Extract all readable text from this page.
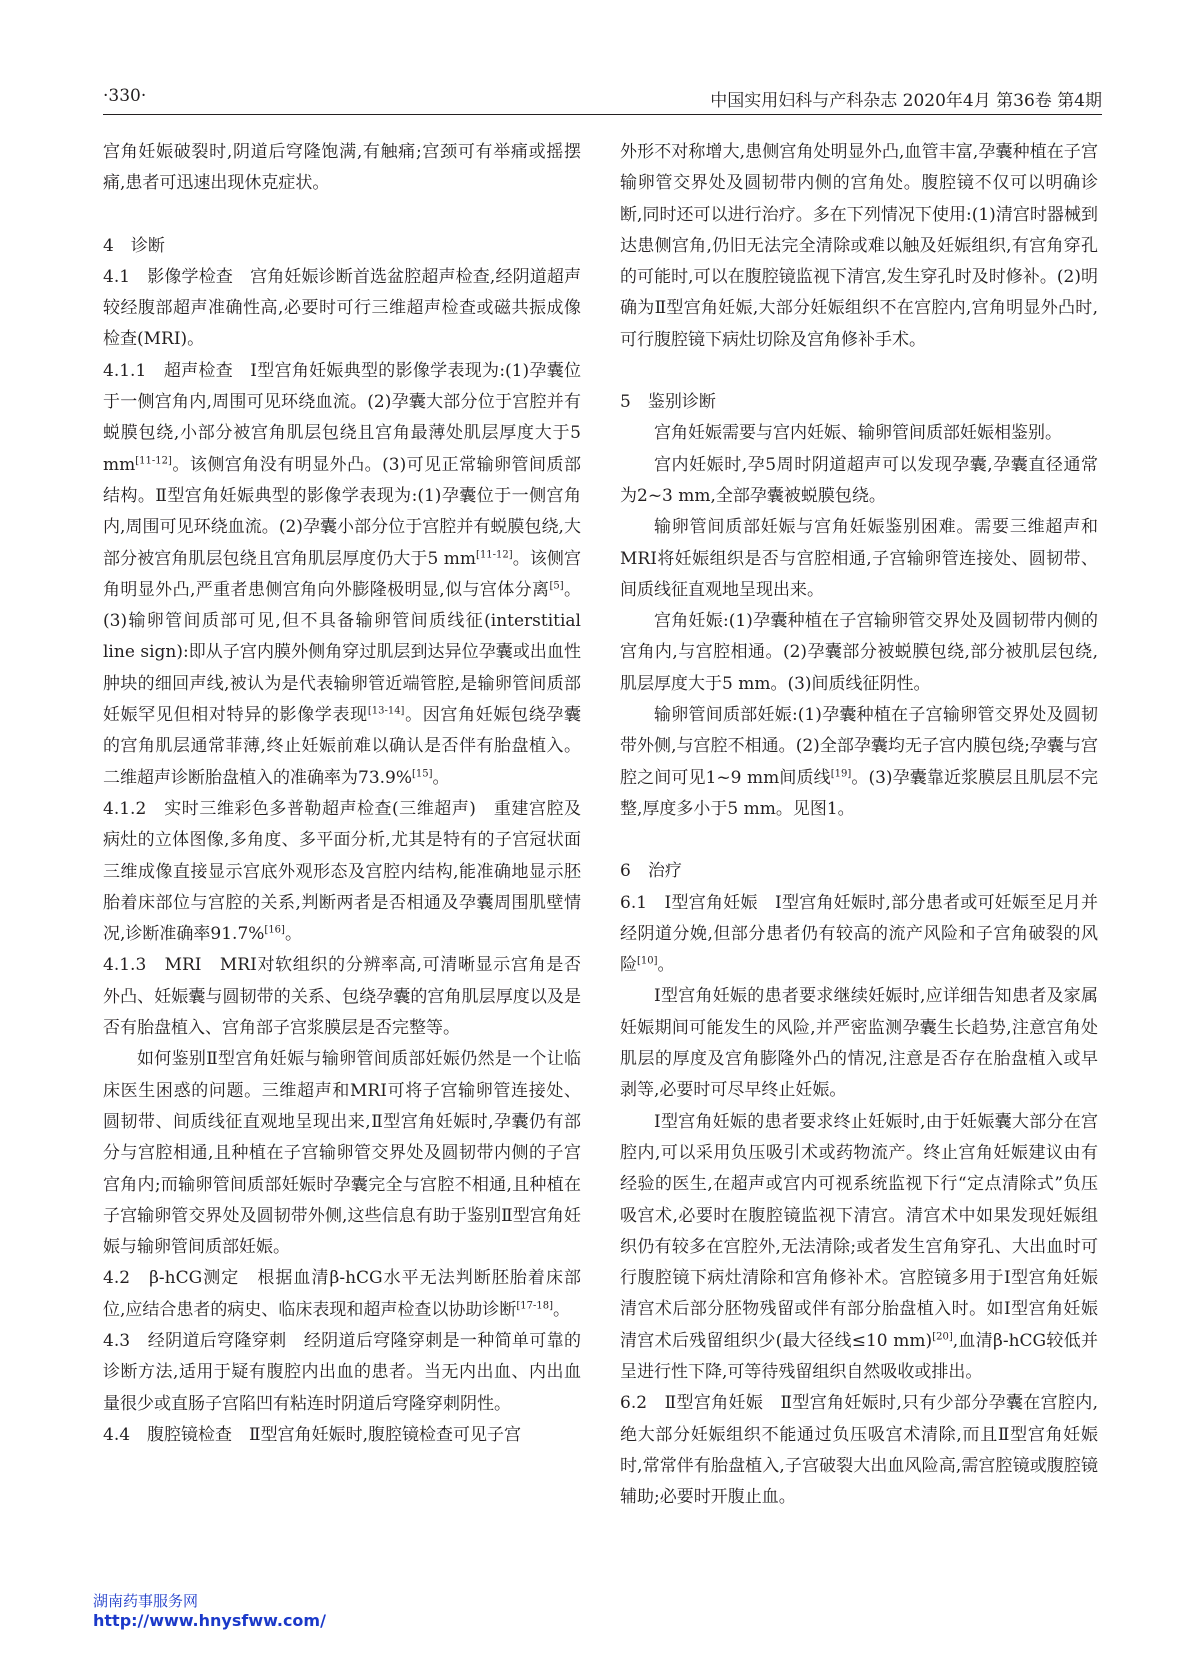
·330·	中国实用妇科与产科杂志 2020年4月 第36卷 第4期

宫角妊娠破裂时,阴道后穹隆饱满,有触痛;宫颈可有举痛或摇摆痛,患者可迅速出现休克症状。

4　诊断

4.1　影像学检查　宫角妊娠诊断首选盆腔超声检查,经阴道超声较经腹部超声准确性高,必要时可行三维超声检查或磁共振成像检查(MRI)。

4.1.1　超声检查　Ⅰ型宫角妊娠典型的影像学表现为:(1)孕囊位于一侧宫角内,周围可见环绕血流。(2)孕囊大部分位于宫腔并有蜕膜包绕,小部分被宫角肌层包绕且宫角最薄处肌层厚度大于5 mm[11-12]。该侧宫角没有明显外凸。(3)可见正常输卵管间质部结构。Ⅱ型宫角妊娠典型的影像学表现为:(1)孕囊位于一侧宫角内,周围可见环绕血流。(2)孕囊小部分位于宫腔并有蜕膜包绕,大部分被宫角肌层包绕且宫角肌层厚度仍大于5 mm[11-12]。该侧宫角明显外凸,严重者患侧宫角向外膨隆极明显,似与宫体分离[5]。(3)输卵管间质部可见,但不具备输卵管间质线征(interstitial line sign):即从子宫内膜外侧角穿过肌层到达异位孕囊或出血性肿块的细回声线,被认为是代表输卵管近端管腔,是输卵管间质部妊娠罕见但相对特异的影像学表现[13-14]。因宫角妊娠包绕孕囊的宫角肌层通常菲薄,终止妊娠前难以确认是否伴有胎盘植入。二维超声诊断胎盘植入的准确率为73.9%[15]。

4.1.2　实时三维彩色多普勒超声检查(三维超声)　重建宫腔及病灶的立体图像,多角度、多平面分析,尤其是特有的子宫冠状面三维成像直接显示宫底外观形态及宫腔内结构,能准确地显示胚胎着床部位与宫腔的关系,判断两者是否相通及孕囊周围肌壁情况,诊断准确率91.7%[16]。

4.1.3　MRI　MRI对软组织的分辨率高,可清晰显示宫角是否外凸、妊娠囊与圆韧带的关系、包绕孕囊的宫角肌层厚度以及是否有胎盘植入、宫角部子宫浆膜层是否完整等。

如何鉴别Ⅱ型宫角妊娠与输卵管间质部妊娠仍然是一个让临床医生困惑的问题。三维超声和MRI可将子宫输卵管连接处、圆韧带、间质线征直观地呈现出来,Ⅱ型宫角妊娠时,孕囊仍有部分与宫腔相通,且种植在子宫输卵管交界处及圆韧带内侧的子宫宫角内;而输卵管间质部妊娠时孕囊完全与宫腔不相通,且种植在子宫输卵管交界处及圆韧带外侧,这些信息有助于鉴别Ⅱ型宫角妊娠与输卵管间质部妊娠。

4.2　β-hCG测定　根据血清β-hCG水平无法判断胚胎着床部位,应结合患者的病史、临床表现和超声检查以协助诊断[17-18]。

4.3　经阴道后穹隆穿刺　经阴道后穹隆穿刺是一种简单可靠的诊断方法,适用于疑有腹腔内出血的患者。当无内出血、内出血量很少或直肠子宫陷凹有粘连时阴道后穹隆穿刺阴性。

4.4　腹腔镜检查　Ⅱ型宫角妊娠时,腹腔镜检查可见子宫

外形不对称增大,患侧宫角处明显外凸,血管丰富,孕囊种植在子宫输卵管交界处及圆韧带内侧的宫角处。腹腔镜不仅可以明确诊断,同时还可以进行治疗。多在下列情况下使用:(1)清宫时器械到达患侧宫角,仍旧无法完全清除或难以触及妊娠组织,有宫角穿孔的可能时,可以在腹腔镜监视下清宫,发生穿孔时及时修补。(2)明确为Ⅱ型宫角妊娠,大部分妊娠组织不在宫腔内,宫角明显外凸时,可行腹腔镜下病灶切除及宫角修补手术。

5　鉴别诊断

宫角妊娠需要与宫内妊娠、输卵管间质部妊娠相鉴别。

宫内妊娠时,孕5周时阴道超声可以发现孕囊,孕囊直径通常为2~3 mm,全部孕囊被蜕膜包绕。

输卵管间质部妊娠与宫角妊娠鉴别困难。需要三维超声和MRI将妊娠组织是否与宫腔相通,子宫输卵管连接处、圆韧带、间质线征直观地呈现出来。

宫角妊娠:(1)孕囊种植在子宫输卵管交界处及圆韧带内侧的宫角内,与宫腔相通。(2)孕囊部分被蜕膜包绕,部分被肌层包绕,肌层厚度大于5 mm。(3)间质线征阴性。

输卵管间质部妊娠:(1)孕囊种植在子宫输卵管交界处及圆韧带外侧,与宫腔不相通。(2)全部孕囊均无子宫内膜包绕;孕囊与宫腔之间可见1~9 mm间质线[19]。(3)孕囊靠近浆膜层且肌层不完整,厚度多小于5 mm。见图1。

6　治疗

6.1　Ⅰ型宫角妊娠　Ⅰ型宫角妊娠时,部分患者或可妊娠至足月并经阴道分娩,但部分患者仍有较高的流产风险和子宫角破裂的风险[10]。

Ⅰ型宫角妊娠的患者要求继续妊娠时,应详细告知患者及家属妊娠期间可能发生的风险,并严密监测孕囊生长趋势,注意宫角处肌层的厚度及宫角膨隆外凸的情况,注意是否存在胎盘植入或早剥等,必要时可尽早终止妊娠。

Ⅰ型宫角妊娠的患者要求终止妊娠时,由于妊娠囊大部分在宫腔内,可以采用负压吸引术或药物流产。终止宫角妊娠建议由有经验的医生,在超声或宫内可视系统监视下行“定点清除式”负压吸宫术,必要时在腹腔镜监视下清宫。清宫术中如果发现妊娠组织仍有较多在宫腔外,无法清除;或者发生宫角穿孔、大出血时可行腹腔镜下病灶清除和宫角修补术。宫腔镜多用于Ⅰ型宫角妊娠清宫术后部分胚物残留或伴有部分胎盘植入时。如Ⅰ型宫角妊娠清宫术后残留组织少(最大径线≤10 mm)[20],血清β-hCG较低并呈进行性下降,可等待残留组织自然吸收或排出。

6.2　Ⅱ型宫角妊娠　Ⅱ型宫角妊娠时,只有少部分孕囊在宫腔内,绝大部分妊娠组织不能通过负压吸宫术清除,而且Ⅱ型宫角妊娠时,常常伴有胎盘植入,子宫破裂大出血风险高,需宫腔镜或腹腔镜辅助;必要时开腹止血。

湖南药事服务网
http://www.hnysfww.com/
